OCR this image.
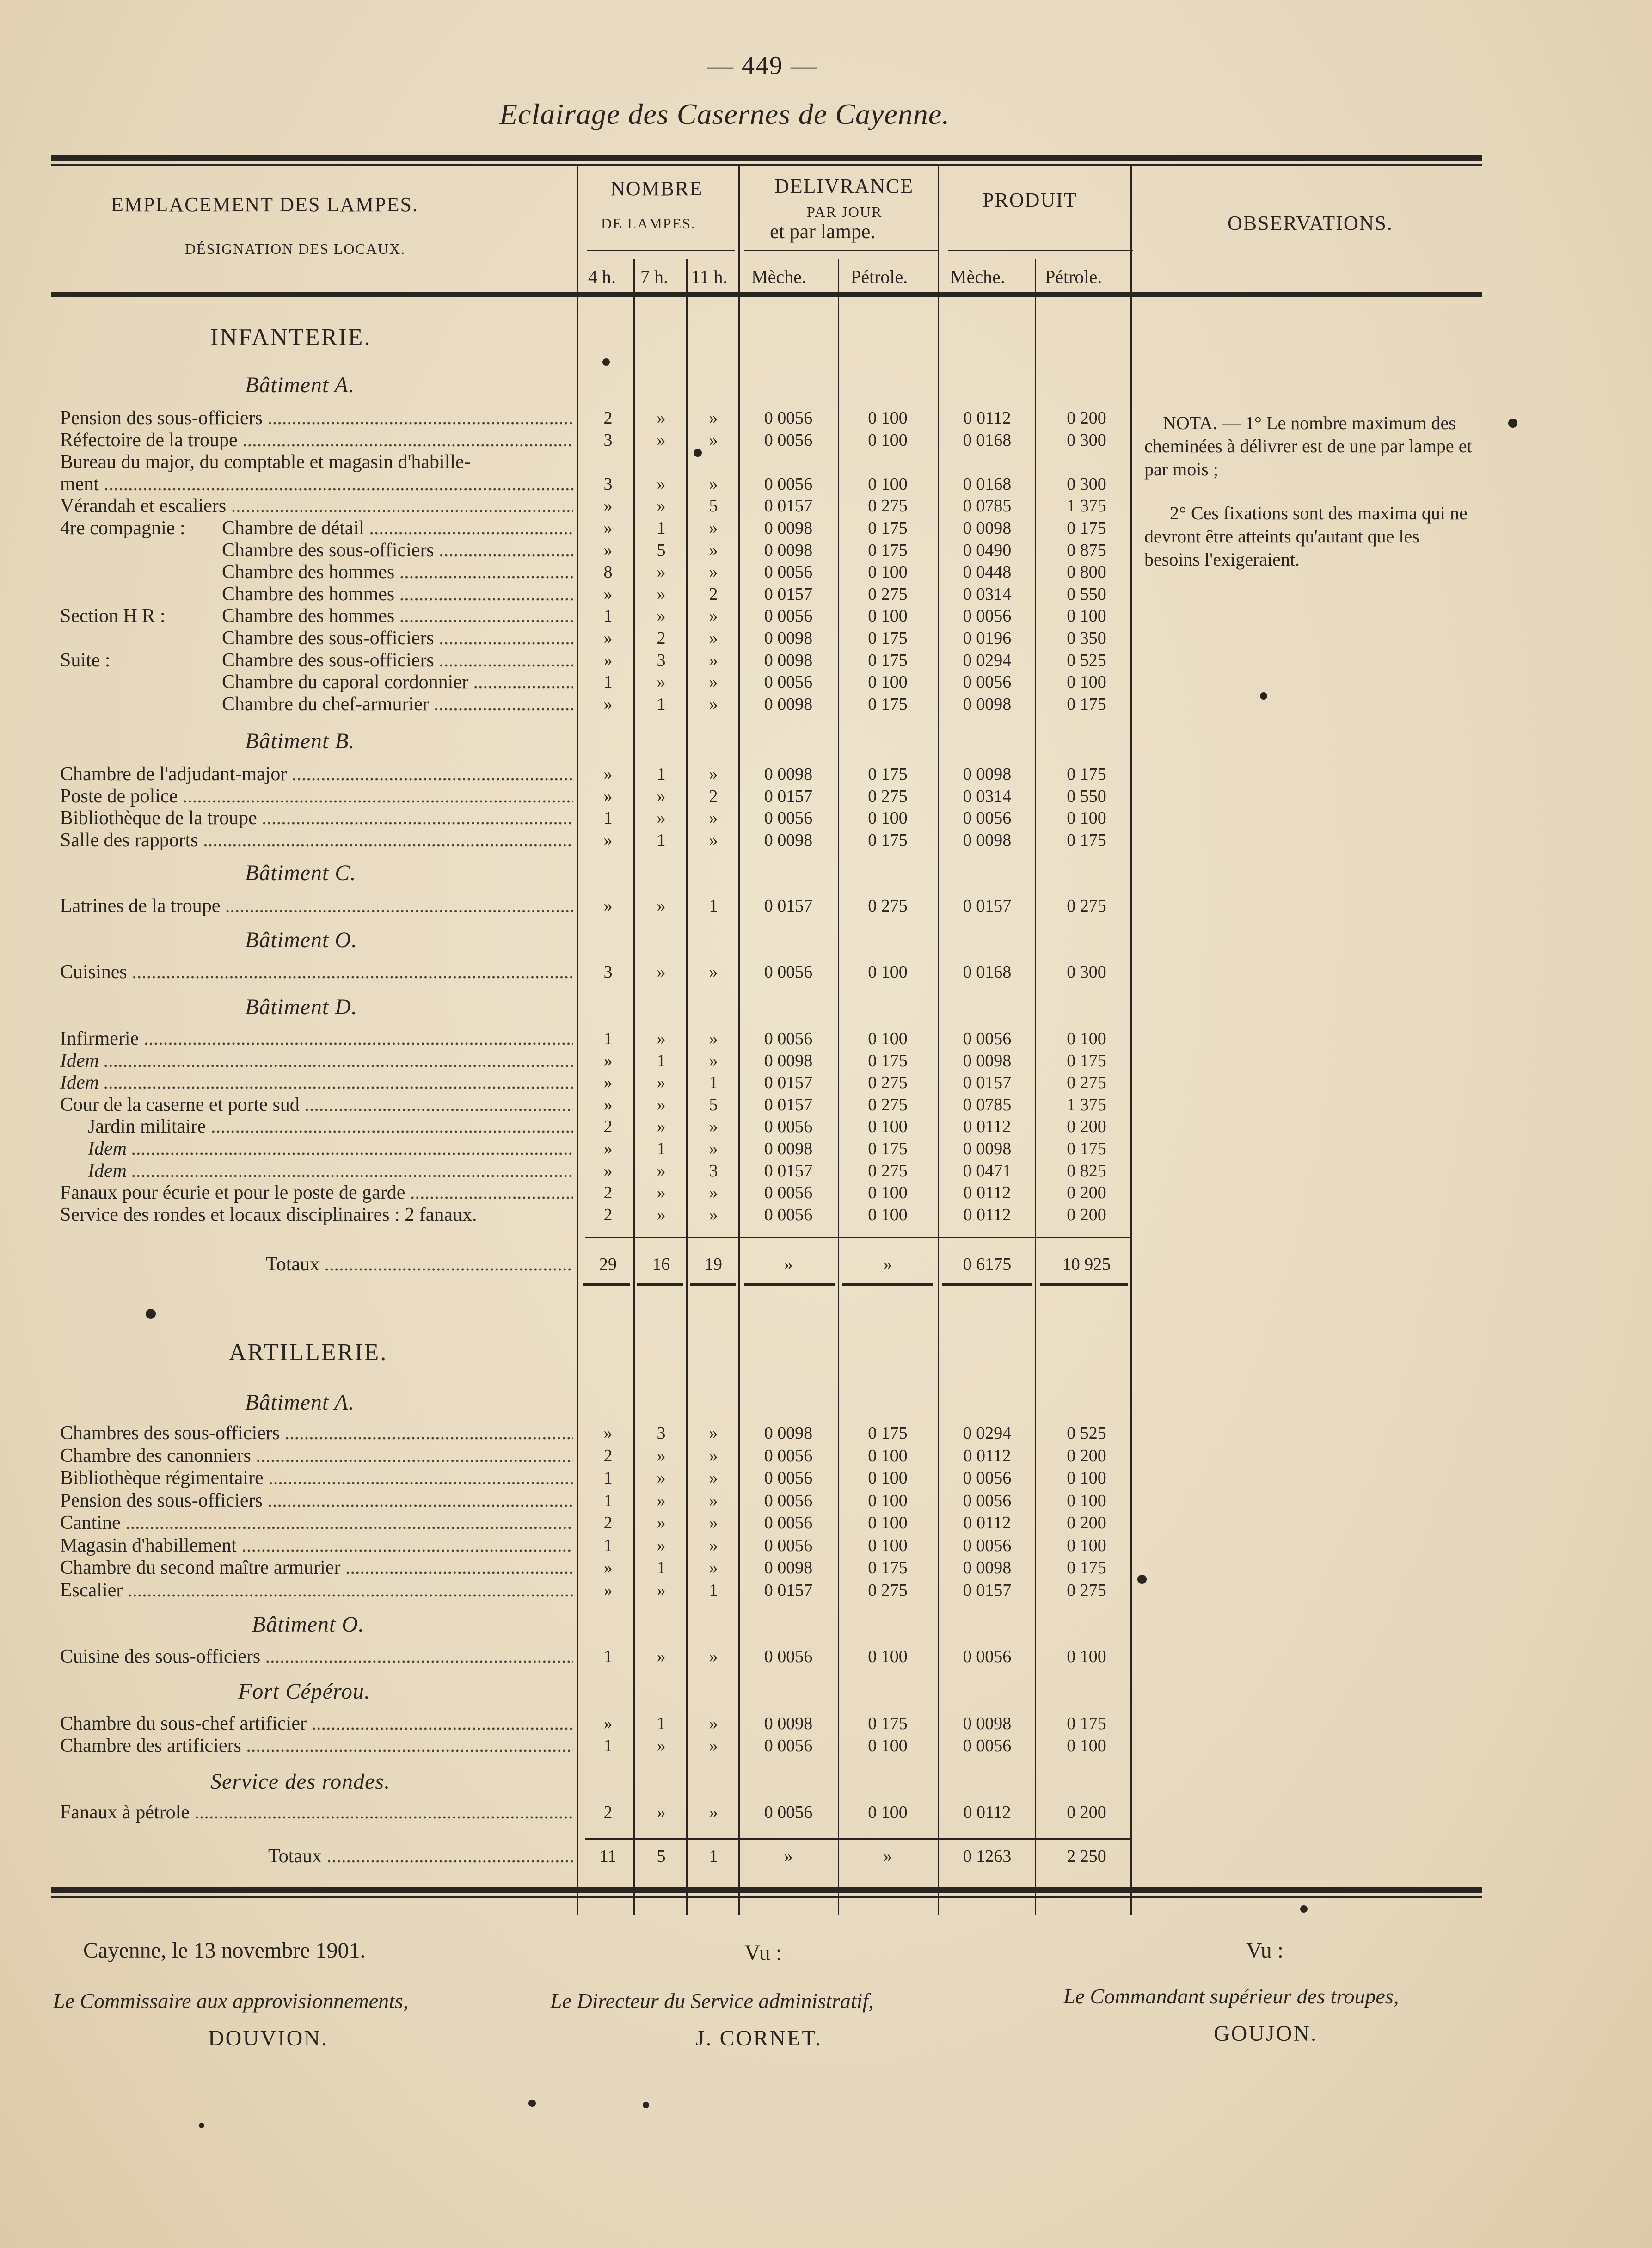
— 449 —
Eclairage des Casernes de Cayenne.
EMPLACEMENT DES LAMPES.
DÉSIGNATION DES LOCAUX.
NOMBRE
DE LAMPES.
DELIVRANCE
PAR JOUR
et par lampe.
PRODUIT
OBSERVATIONS.
4 h. 7 h. 11 h. Mèche. Pétrole. Mèche. Pétrole.
INFANTERIE.
Bâtiment A.
Pension des sous-officiers .....	2	»	»	0 0056	0 100	0 0112	0 200
Réfectoire de la troupe .....	3	»	»	0 0056	0 100	0 0168	0 300
Bureau du major, du comptable et magasin d'habille-
ment .....	3	»	»	0 0056	0 100	0 0168	0 300
Vérandah et escaliers .....	»	»	5	0 0157	0 275	0 0785	1 375
4re compagnie : Chambre de détail .....	»	1	»	0 0098	0 175	0 0098	0 175
Chambre des sous-officiers .....	»	5	»	0 0098	0 175	0 0490	0 875
Chambre des hommes .....	8	»	»	0 0056	0 100	0 0448	0 800
Chambre des hommes .....	»	»	2	0 0157	0 275	0 0314	0 550
Section H R :	Chambre des hommes .....	1	»	»	0 0056	0 100	0 0056	0 100
Chambre des sous-officiers .....	»	2	»	0 0098	0 175	0 0196	0 350
Suite :	Chambre des sous-officiers .....	»	3	»	0 0098	0 175	0 0294	0 525
Chambre du caporal cordonnier .....	1	»	»	0 0056	0 100	0 0056	0 100
Chambre du chef-armurier .....	»	1	»	0 0098	0 175	0 0098	0 175
Bâtiment B.
Chambre de l'adjudant-major .....	»	1	»	0 0098	0 175	0 0098	0 175
Poste de police .....	»	»	2	0 0157	0 275	0 0314	0 550
Bibliothèque de la troupe .....	1	»	»	0 0056	0 100	0 0056	0 100
Salle des rapports .....	»	1	»	0 0098	0 175	0 0098	0 175
Bâtiment C.
Latrines de la troupe .....	»	»	1	0 0157	0 275	0 0157	0 275
Bâtiment O.
Cuisines .....	3	»	»	0 0056	0 100	0 0168	0 300
Bâtiment D.
Infirmerie .....	1	»	»	0 0056	0 100	0 0056	0 100
Idem .....	»	1	»	0 0098	0 175	0 0098	0 175
Idem .....	»	»	1	0 0157	0 275	0 0157	0 275
Cour de la caserne et porte sud .....	»	»	5	0 0157	0 275	0 0785	1 375
Jardin militaire .....	2	»	»	0 0056	0 100	0 0112	0 200
Idem .....	»	1	»	0 0098	0 175	0 0098	0 175
Idem .....	»	»	3	0 0157	0 275	0 0471	0 825
Fanaux pour écurie et pour le poste de garde .....	2	»	»	0 0056	0 100	0 0112	0 200
Service des rondes et locaux disciplinaires : 2 fanaux.	2	»	»	0 0056	0 100	0 0112	0 200
Totaux .....	29	16	19	»	»	0 6175	10 925
ARTILLERIE.
Bâtiment A.
Chambres des sous-officiers .....	»	3	»	0 0098	0 175	0 0294	0 525
Chambre des canonniers .....	2	»	»	0 0056	0 100	0 0112	0 200
Bibliothèque régimentaire .....	1	»	»	0 0056	0 100	0 0056	0 100
Pension des sous-officiers .....	1	»	»	0 0056	0 100	0 0056	0 100
Cantine .....	2	»	»	0 0056	0 100	0 0112	0 200
Magasin d'habillement .....	1	»	»	0 0056	0 100	0 0056	0 100
Chambre du second maître armurier .....	»	1	»	0 0098	0 175	0 0098	0 175
Escalier .....	»	»	1	0 0157	0 275	0 0157	0 275
Bâtiment O.
Cuisine des sous-officiers .....	1	»	»	0 0056	0 100	0 0056	0 100
Fort Cépérou.
Chambre du sous-chef artificier .....	»	1	»	0 0098	0 175	0 0098	0 175
Chambre des artificiers .....	1	»	»	0 0056	0 100	0 0056	0 100
Service des rondes.
Fanaux à pétrole .....	2	»	»	0 0056	0 100	0 0112	0 200
Totaux .....	11	5	1	»	»	0 1263	2 250
NOTA. — 1° Le nombre maximum des cheminées à délivrer est de une par lampe et par mois ;
2° Ces fixations sont des maxima qui ne devront être atteints qu'autant que les besoins l'exigeraient.
Cayenne, le 13 novembre 1901.
Le Commissaire aux approvisionnements,
DOUVION.
Vu :
Le Directeur du Service administratif,
J. CORNET.
Vu :
Le Commandant supérieur des troupes,
GOUJON.
